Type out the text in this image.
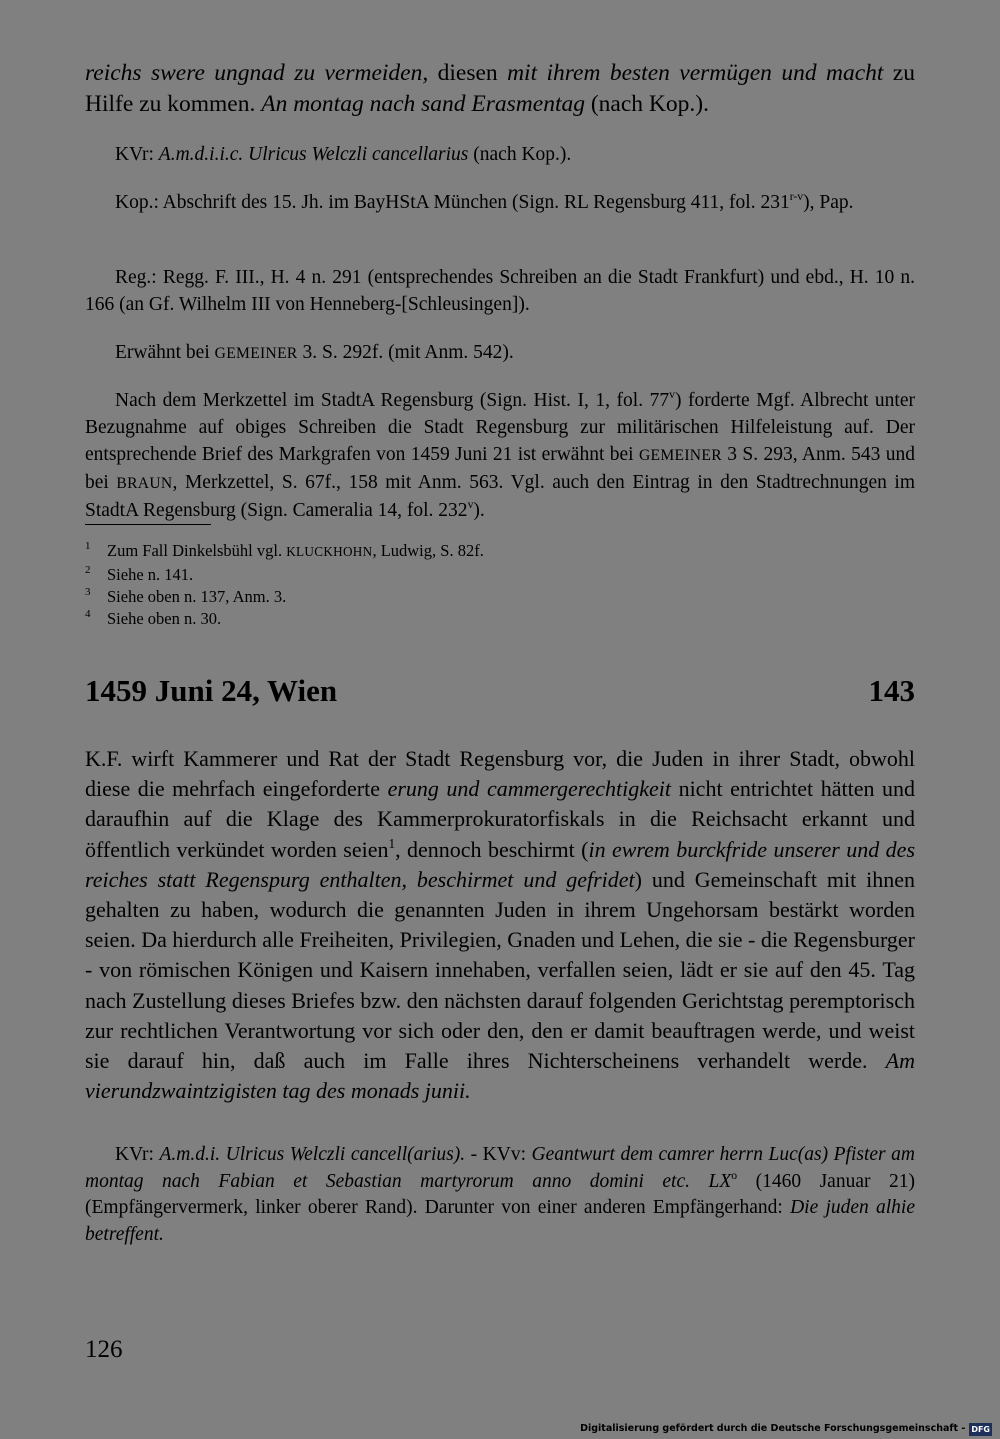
reichs swere ungnad zu vermeiden, diesen mit ihrem besten vermügen und macht zu Hilfe zu kommen. An montag nach sand Erasmentag (nach Kop.).

KVr: A.m.d.i.i.c. Ulricus Welczli cancellarius (nach Kop.).

Kop.: Abschrift des 15. Jh. im BayHStA München (Sign. RL Regensburg 411, fol. 231$^{r-v}$), Pap.

Reg.: Regg. F. III., H. 4 n. 291 (entsprechendes Schreiben an die Stadt Frankfurt) und ebd., H. 10 n. 166 (an Gf. Wilhelm III von Henneberg-[Schleusingen]).

Erwähnt bei GEMEINER 3. S. 292f. (mit Anm. 542).

Nach dem Merkzettel im StadtA Regensburg (Sign. Hist. I, 1, fol. 77$^v$) forderte Mgf. Albrecht unter Bezugnahme auf obiges Schreiben die Stadt Regensburg zur militärischen Hilfeleistung auf. Der entsprechende Brief des Markgrafen von 1459 Juni 21 ist erwähnt bei GEMEINER 3 S. 293, Anm. 543 und bei BRAUN, Merkzettel, S. 67f., 158 mit Anm. 563. Vgl. auch den Eintrag in den Stadtrechnungen im StadtA Regensburg (Sign. Cameralia 14, fol. 232$^v$).

1 Zum Fall Dinkelsbühl vgl. KLUCKHOHN, Ludwig, S. 82f.
2 Siehe n. 141.
3 Siehe oben n. 137, Anm. 3.
4 Siehe oben n. 30.
1459 Juni 24, Wien	143

K.F. wirft Kammerer und Rat der Stadt Regensburg vor, die Juden in ihrer Stadt, obwohl diese die mehrfach eingeforderte erung und cammergerechtigkeit nicht entrichtet hätten und daraufhin auf die Klage des Kammerprokuratorfiskals in die Reichsacht erkannt und öffentlich verkündet worden seien$^1$, dennoch beschirmt (in ewrem burckfride unserer und des reiches statt Regenspurg enthalten, beschirmet und gefridet) und Gemeinschaft mit ihnen gehalten zu haben, wodurch die genannten Juden in ihrem Ungehorsam bestärkt worden seien. Da hierdurch alle Freiheiten, Privilegien, Gnaden und Lehen, die sie - die Regensburger - von römischen Königen und Kaisern innehaben, verfallen seien, lädt er sie auf den 45. Tag nach Zustellung dieses Briefes bzw. den nächsten darauf folgenden Gerichtstag peremptorisch zur rechtlichen Verantwortung vor sich oder den, den er damit beauftragen werde, und weist sie darauf hin, daß auch im Falle ihres Nichterscheinens verhandelt werde. Am vierundzwaintzigisten tag des monads junii.

KVr: A.m.d.i. Ulricus Welczli cancell(arius). - KVv: Geantwurt dem camrer herrn Luc(as) Pfister am montag nach Fabian et Sebastian martyrorum anno domini etc. $LX^o$ (1460 Januar 21) (Empfängervermerk, linker oberer Rand). Darunter von einer anderen Empfängerhand: Die juden alhie betreffent.

126
Digitalisierung gefördert durch die Deutsche Forschungsgemeinschaft - DFG
